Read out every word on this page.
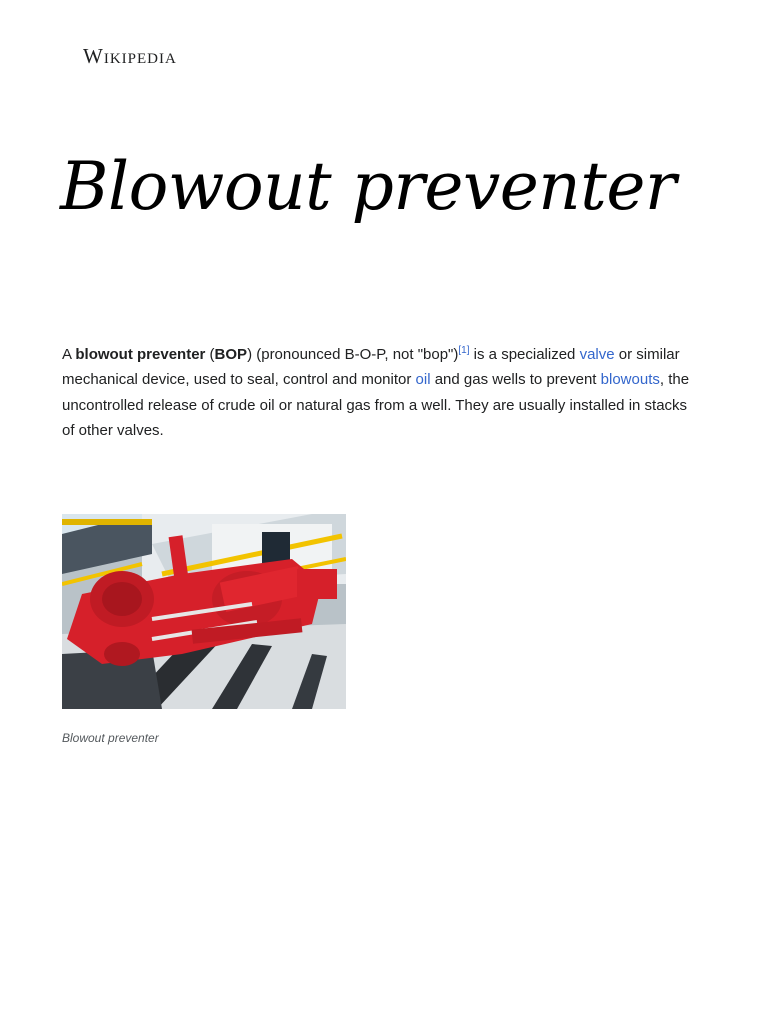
Wikipedia
Blowout preventer

A blowout preventer (BOP) (pronounced B-O-P, not "bop")[1] is a specialized valve or similar mechanical device, used to seal, control and monitor oil and gas wells to prevent blowouts, the uncontrolled release of crude oil or natural gas from a well. They are usually installed in stacks of other valves.

Blowout preventer
